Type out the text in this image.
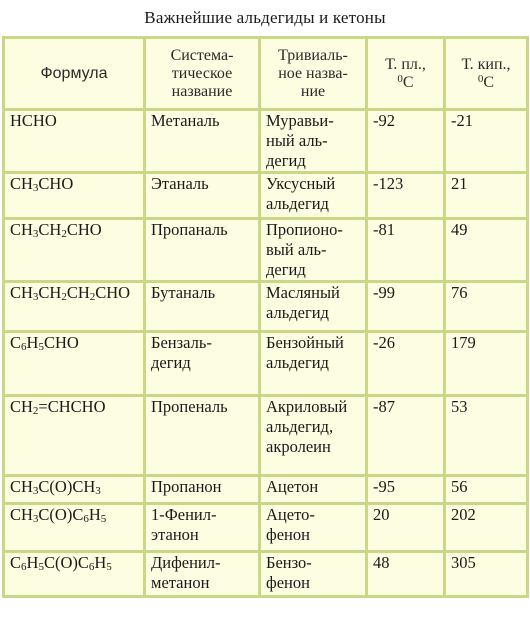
Важнейшие альдегиды и кетоны
Формула	Система-
тическое
название	Тривиаль-
ное назва-
ние	Т. пл.,
$^0$C	Т. кип.,
$^0$C
HCHO	Метаналь	Муравьи-
ный аль-
дегид	-92	-21
$CH_3CHO$	Этаналь	Уксусный
альдегид	-123	21
$CH_3CH_2CHO$	Пропаналь	Пропионо-
вый аль-
дегид	-81	49
$CH_3CH_2CH_2CHO$	Бутаналь	Масляный
альдегид	-99	76
$C_6H_5CHO$	Бензаль-
дегид	Бензойный
альдегид	-26	179
$CH_2=CHCHO$	Пропеналь	Акриловый
альдегид,
акролеин	-87	53
$CH_3C(O)CH_3$	Пропанон	Ацетон	-95	56
$CH_3C(O)C_6H_5$	1-Фенил-
этанон	Ацето-
фенон	20	202
$C_6H_5C(O)C_6H_5$	Дифенил-
метанон	Бензо-
фенон	48	305
